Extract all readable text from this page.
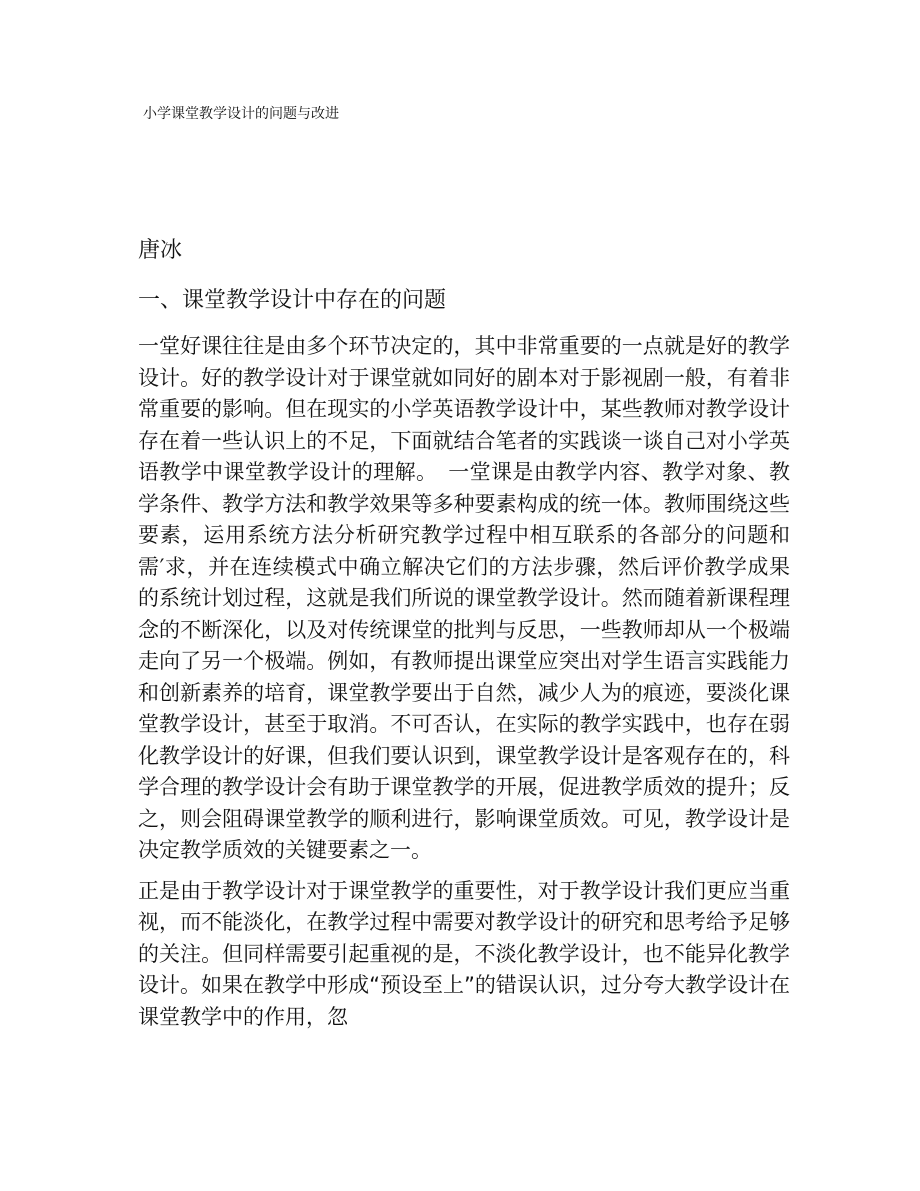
小学课堂教学设计的问题与改进
唐冰
一、课堂教学设计中存在的问题

一堂好课往往是由多个环节决定的，其中非常重要的一点就是好的教学设计。好的教学设计对于课堂就如同好的剧本对于影视剧一般，有着非常重要的影响。但在现实的小学英语教学设计中，某些教师对教学设计存在着一些认识上的不足，下面就结合笔者的实践谈一谈自己对小学英语教学中课堂教学设计的理解。　一堂课是由教学内容、教学对象、教学条件、教学方法和教学效果等多种要素构成的统一体。教师围绕这些要素，运用系统方法分析研究教学过程中相互联系的各部分的问题和需′求，并在连续模式中确立解决它们的方法步骤，然后评价教学成果的系统计划过程，这就是我们所说的课堂教学设计。然而随着新课程理念的不断深化，以及对传统课堂的批判与反思，一些教师却从一个极端走向了另一个极端。例如，有教师提出课堂应突出对学生语言实践能力和创新素养的培育，课堂教学要出于自然，减少人为的痕迹，要淡化课堂教学设计，甚至于取消。不可否认，在实际的教学实践中，也存在弱化教学设计的好课，但我们要认识到，课堂教学设计是客观存在的，科学合理的教学设计会有助于课堂教学的开展，促进教学质效的提升；反之，则会阻碍课堂教学的顺利进行，影响课堂质效。可见，教学设计是决定教学质效的关键要素之一。

正是由于教学设计对于课堂教学的重要性，对于教学设计我们更应当重视，而不能淡化，在教学过程中需要对教学设计的研究和思考给予足够的关注。但同样需要引起重视的是，不淡化教学设计，也不能异化教学设计。如果在教学中形成“预设至上”的错误认识，过分夸大教学设计在课堂教学中的作用，忽
